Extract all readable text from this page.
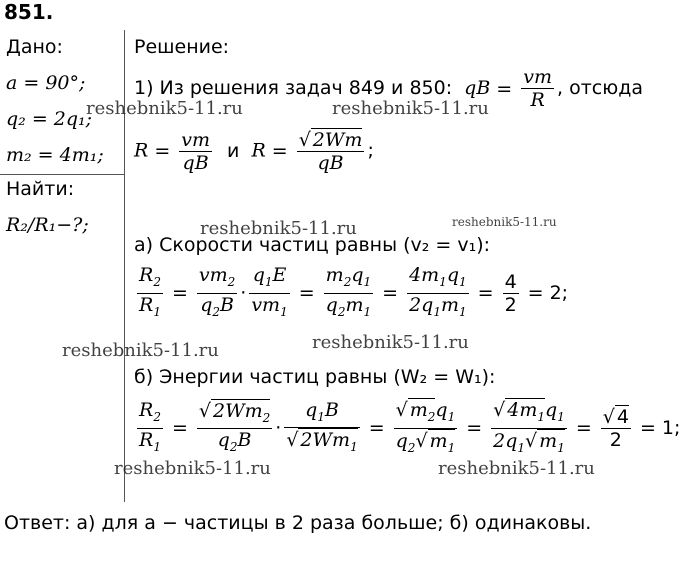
851.
Дано:
a = 90°;
q₂ = 2q₁;
m₂ = 4m₁;
Найти:
R₂/R₁−?;
Решение:
1) Из решения задач 849 и 850: qB = $\frac{vm}{R}$ , отсюда
$R = \frac{vm}{qB}$ и $R = \frac{√ 2Wm}{qB}$ ;
а) Скорости частиц равны (v₂ = v₁):
$\frac{R_2}{R_1} = \frac{vm_2}{q_2B} \cdot \frac{q_1E}{vm_1} = \frac{m_2q_1}{q_2m_1} = \frac{4m_1q_1}{2q_1m_1} = \frac{4}{2} = 2$;
б) Энергии частиц равны (W₂ = W₁):
$\frac{R_2}{R_1} = \frac{√ 2Wm_2}{q_2B} \cdot \frac{q_1B}{√ 2Wm_1} = \frac{√ m_2q_1}{q_2√ m_1} = \frac{√ 4m_1q_1}{2q_1√ m_1} = \frac{√ 4}{2} = 1$;
Ответ: а) для a − частицы в 2 раза больше; б) одинаковы.
reshebnik5-11.ru	reshebnik5-11.ru
reshebnik5-11.ru	reshebnik5-11.ru
reshebnik5-11.ru	reshebnik5-11.ru
reshebnik5-11.ru	reshebnik5-11.ru
